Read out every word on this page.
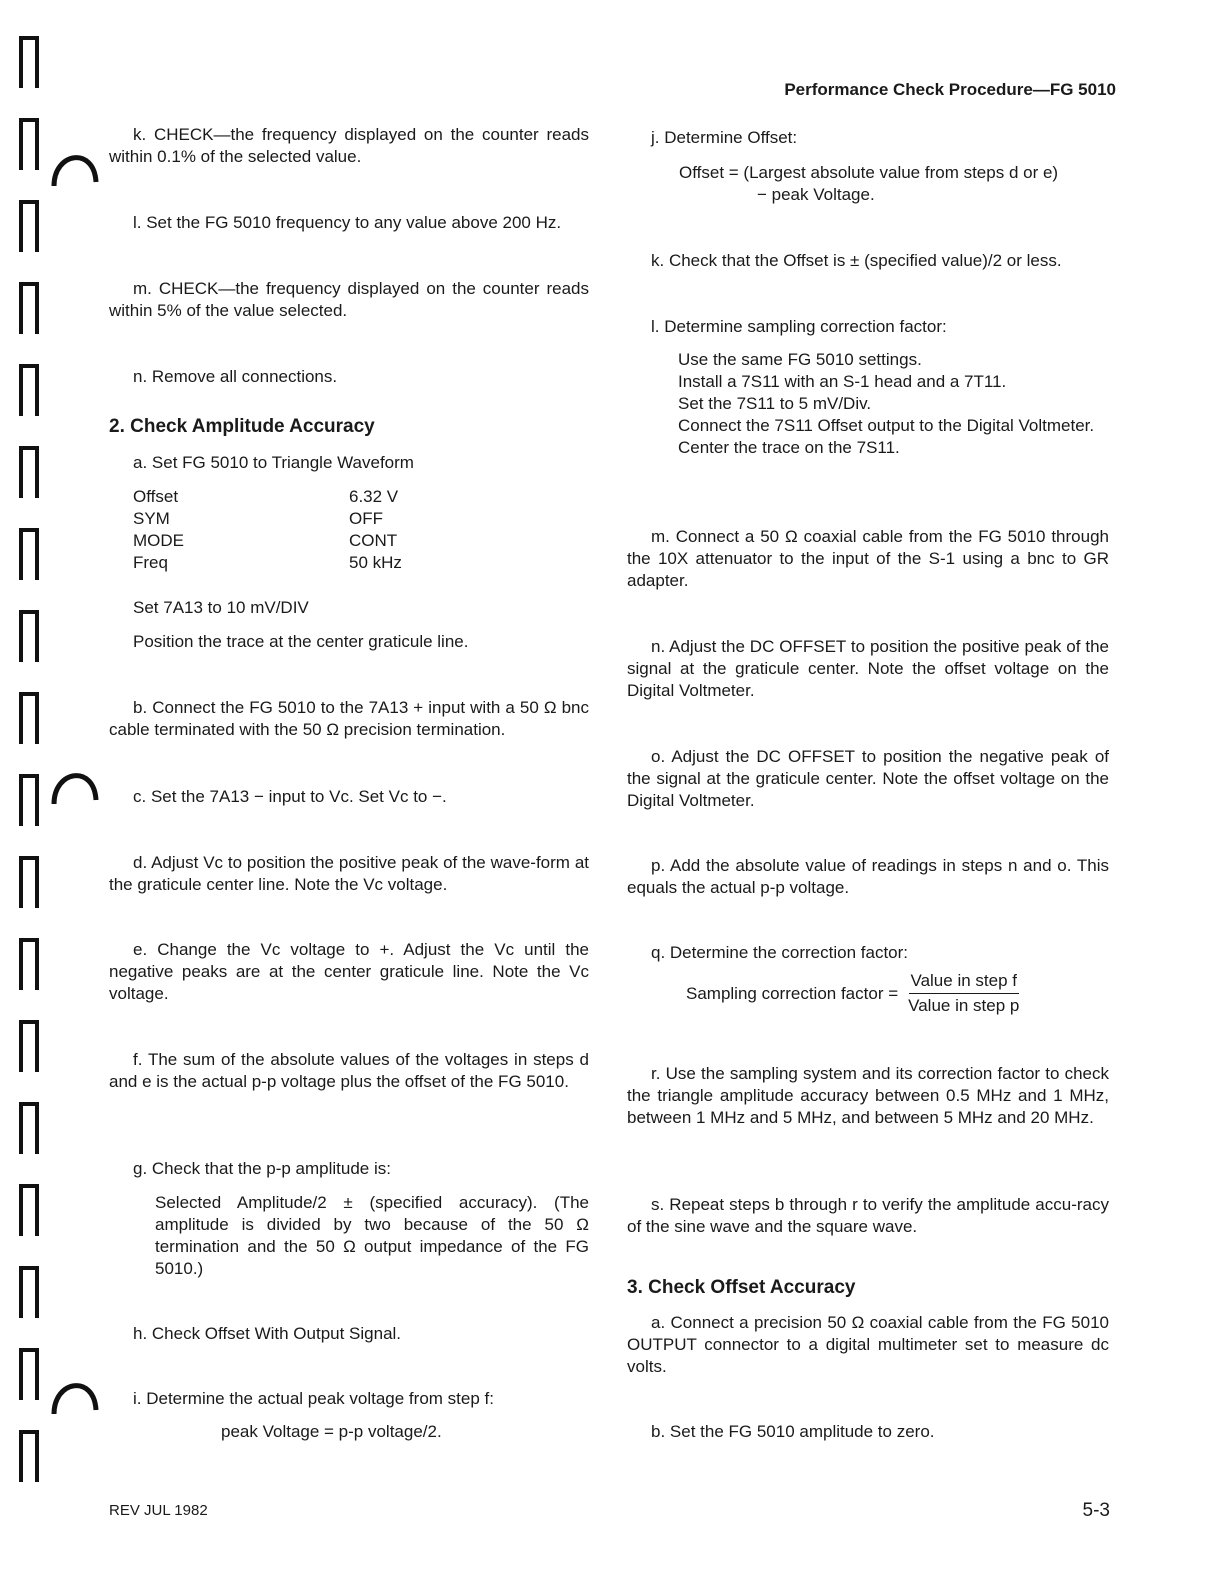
Performance Check Procedure—FG 5010

k. CHECK—the frequency displayed on the counter reads within 0.1% of the selected value.

l. Set the FG 5010 frequency to any value above 200 Hz.

m. CHECK—the frequency displayed on the counter reads within 5% of the value selected.

n. Remove all connections.

2. Check Amplitude Accuracy

a. Set FG 5010 to Triangle Waveform

Offset	6.32 V
SYM	OFF
MODE	CONT
Freq	50 kHz

Set 7A13 to 10 mV/DIV

Position the trace at the center graticule line.

b. Connect the FG 5010 to the 7A13 + input with a 50 Ω bnc cable terminated with the 50 Ω precision termination.

c. Set the 7A13 − input to Vc. Set Vc to −.

d. Adjust Vc to position the positive peak of the wave-form at the graticule center line. Note the Vc voltage.

e. Change the Vc voltage to +. Adjust the Vc until the negative peaks are at the center graticule line. Note the Vc voltage.

f. The sum of the absolute values of the voltages in steps d and e is the actual p-p voltage plus the offset of the FG 5010.

g. Check that the p-p amplitude is:

Selected Amplitude/2 ± (specified accuracy). (The amplitude is divided by two because of the 50 Ω termination and the 50 Ω output impedance of the FG 5010.)

h. Check Offset With Output Signal.

i. Determine the actual peak voltage from step f:

peak Voltage = p-p voltage/2.

j. Determine Offset:

Offset = (Largest absolute value from steps d or e)

− peak Voltage.

k. Check that the Offset is ± (specified value)/2 or less.

l. Determine sampling correction factor:

Use the same FG 5010 settings.

Install a 7S11 with an S-1 head and a 7T11.

Set the 7S11 to 5 mV/Div.

Connect the 7S11 Offset output to the Digital Voltmeter.

Center the trace on the 7S11.

m. Connect a 50 Ω coaxial cable from the FG 5010 through the 10X attenuator to the input of the S-1 using a bnc to GR adapter.

n. Adjust the DC OFFSET to position the positive peak of the signal at the graticule center. Note the offset voltage on the Digital Voltmeter.

o. Adjust the DC OFFSET to position the negative peak of the signal at the graticule center. Note the offset voltage on the Digital Voltmeter.

p. Add the absolute value of readings in steps n and o. This equals the actual p-p voltage.

q. Determine the correction factor:

Sampling correction factor = $\frac{\text{Value in step f}}{\text{Value in step p}}$

r. Use the sampling system and its correction factor to check the triangle amplitude accuracy between 0.5 MHz and 1 MHz, between 1 MHz and 5 MHz, and between 5 MHz and 20 MHz.

s. Repeat steps b through r to verify the amplitude accu-racy of the sine wave and the square wave.

3. Check Offset Accuracy

a. Connect a precision 50 Ω coaxial cable from the FG 5010 OUTPUT connector to a digital multimeter set to measure dc volts.

b. Set the FG 5010 amplitude to zero.

REV JUL 1982	5-3
